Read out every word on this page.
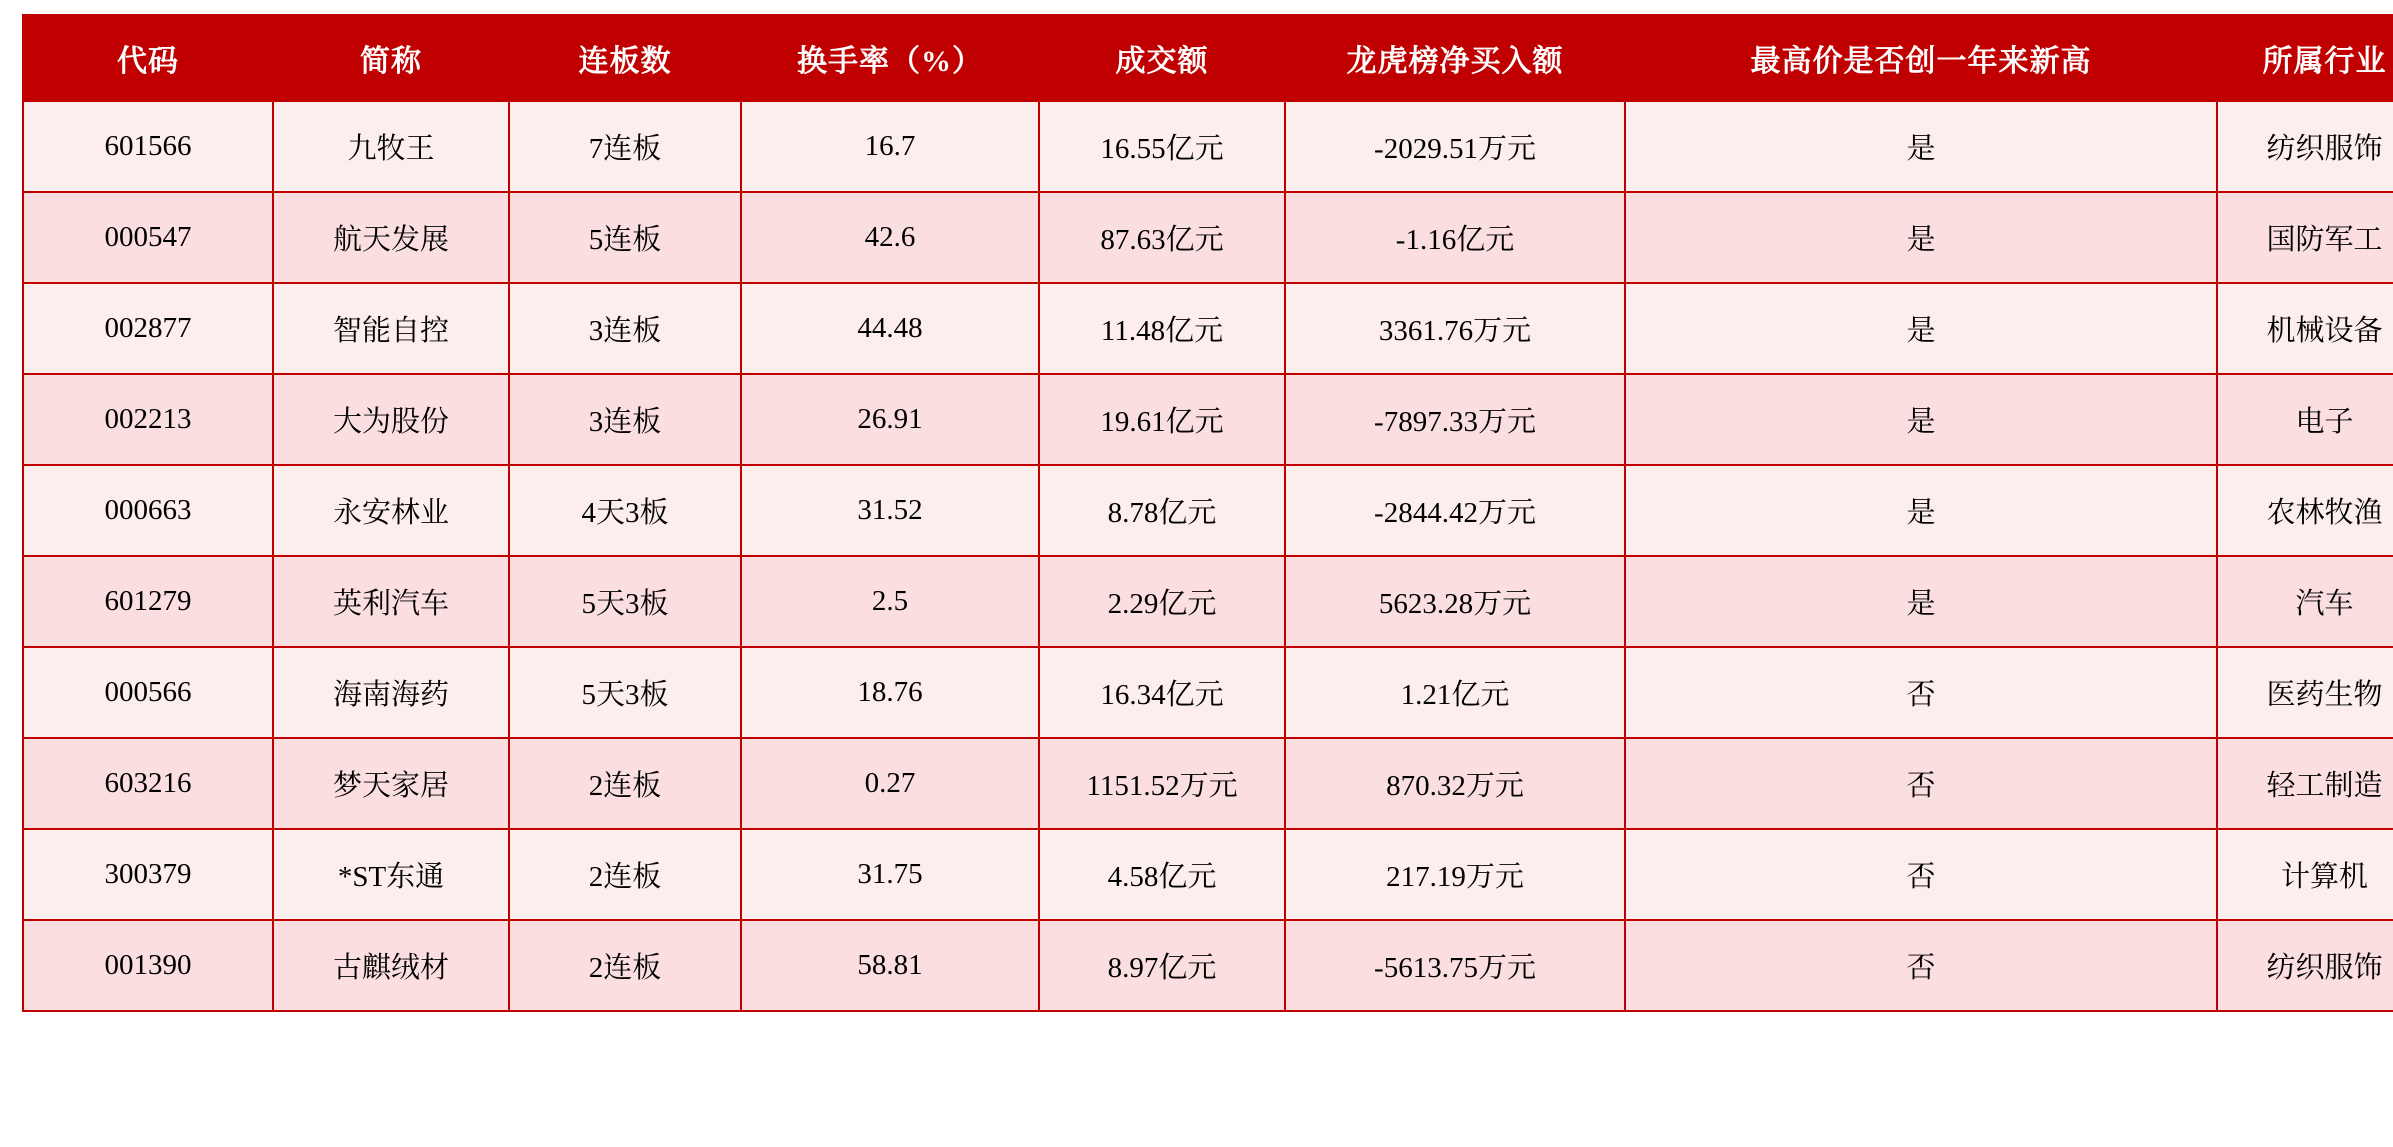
代码	简称	连板数	换手率（%）	成交额	龙虎榜净买入额	最高价是否创一年来新高	所属行业
601566	九牧王	7连板	16.7	16.55亿元	-2029.51万元	是	纺织服饰
000547	航天发展	5连板	42.6	87.63亿元	-1.16亿元	是	国防军工
002877	智能自控	3连板	44.48	11.48亿元	3361.76万元	是	机械设备
002213	大为股份	3连板	26.91	19.61亿元	-7897.33万元	是	电子
000663	永安林业	4天3板	31.52	8.78亿元	-2844.42万元	是	农林牧渔
601279	英利汽车	5天3板	2.5	2.29亿元	5623.28万元	是	汽车
000566	海南海药	5天3板	18.76	16.34亿元	1.21亿元	否	医药生物
603216	梦天家居	2连板	0.27	1151.52万元	870.32万元	否	轻工制造
300379	*ST东通	2连板	31.75	4.58亿元	217.19万元	否	计算机
001390	古麒绒材	2连板	58.81	8.97亿元	-5613.75万元	否	纺织服饰
